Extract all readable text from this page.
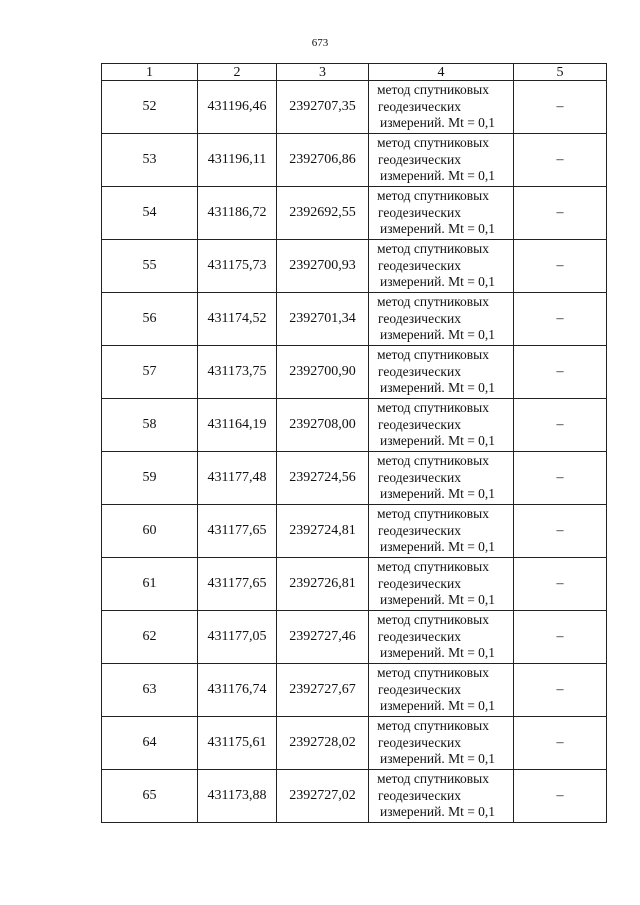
673
1	2	3	4	5
52	431196,46	2392707,35	метод спутниковых
геодезических
измерений. Mt = 0,1	–
53	431196,11	2392706,86	метод спутниковых
геодезических
измерений. Mt = 0,1	–
54	431186,72	2392692,55	метод спутниковых
геодезических
измерений. Mt = 0,1	–
55	431175,73	2392700,93	метод спутниковых
геодезических
измерений. Mt = 0,1	–
56	431174,52	2392701,34	метод спутниковых
геодезических
измерений. Mt = 0,1	–
57	431173,75	2392700,90	метод спутниковых
геодезических
измерений. Mt = 0,1	–
58	431164,19	2392708,00	метод спутниковых
геодезических
измерений. Mt = 0,1	–
59	431177,48	2392724,56	метод спутниковых
геодезических
измерений. Mt = 0,1	–
60	431177,65	2392724,81	метод спутниковых
геодезических
измерений. Mt = 0,1	–
61	431177,65	2392726,81	метод спутниковых
геодезических
измерений. Mt = 0,1	–
62	431177,05	2392727,46	метод спутниковых
геодезических
измерений. Mt = 0,1	–
63	431176,74	2392727,67	метод спутниковых
геодезических
измерений. Mt = 0,1	–
64	431175,61	2392728,02	метод спутниковых
геодезических
измерений. Mt = 0,1	–
65	431173,88	2392727,02	метод спутниковых
геодезических
измерений. Mt = 0,1	–
